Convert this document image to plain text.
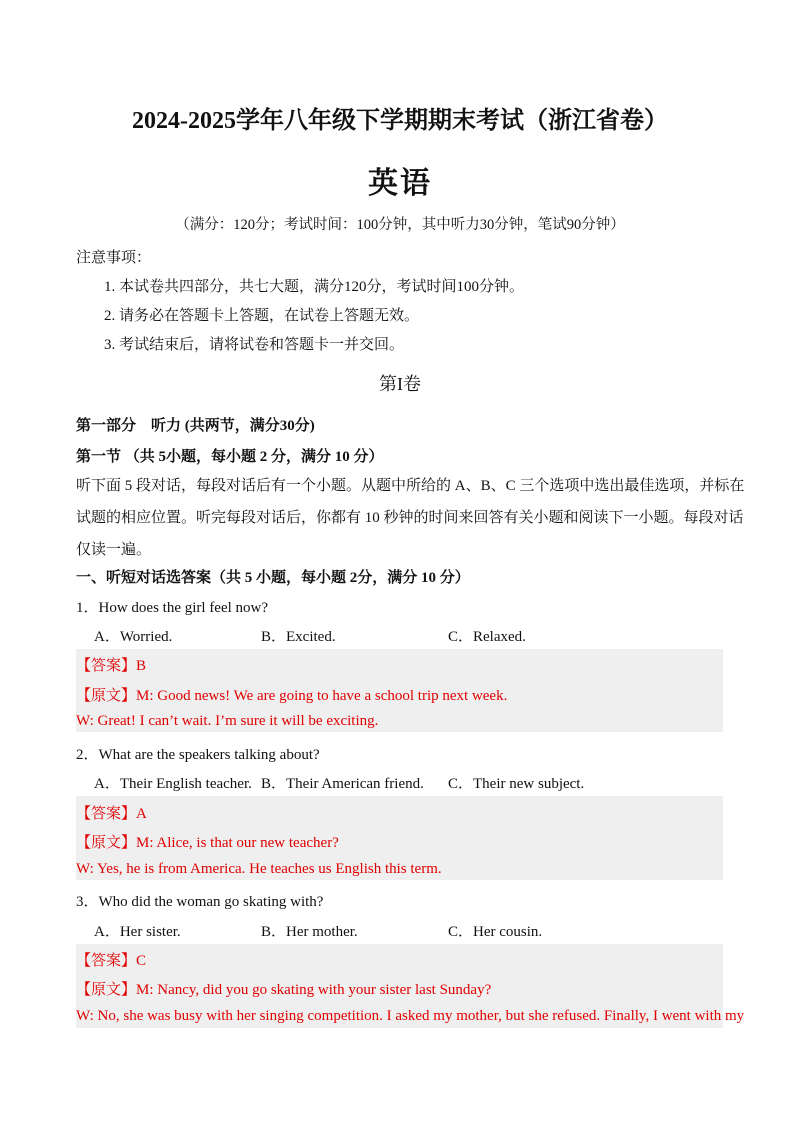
2024-2025学年八年级下学期期末考试（浙江省卷）
英语
（满分：120分；考试时间：100分钟，其中听力30分钟，笔试90分钟）
注意事项：
1. 本试卷共四部分，共七大题，满分120分，考试时间100分钟。
2. 请务必在答题卡上答题，在试卷上答题无效。
3. 考试结束后，请将试卷和答题卡一并交回。
第I卷
第一部分　听力 (共两节，满分30分)
第一节 （共 5小题，每小题 2 分，满分 10 分）
听下面 5 段对话，每段对话后有一个小题。从题中所给的 A、B、C 三个选项中选出最佳选项，并标在
试题的相应位置。听完每段对话后，你都有 10 秒钟的时间来回答有关小题和阅读下一小题。每段对话
仅读一遍。
一、听短对话选答案（共 5 小题，每小题 2分，满分 10 分）
1．How does the girl feel now?
A．Worried.	B．Excited.	C．Relaxed.
【答案】B
【原文】M: Good news! We are going to have a school trip next week.
W: Great! I can’t wait. I’m sure it will be exciting.
2．What are the speakers talking about?
A．Their English teacher. B．Their American friend. C．Their new subject.
【答案】A
【原文】M: Alice, is that our new teacher?
W: Yes, he is from America. He teaches us English this term.
3．Who did the woman go skating with?
A．Her sister.	B．Her mother.	C．Her cousin.
【答案】C
【原文】M: Nancy, did you go skating with your sister last Sunday?
W: No, she was busy with her singing competition. I asked my mother, but she refused. Finally, I went with my
